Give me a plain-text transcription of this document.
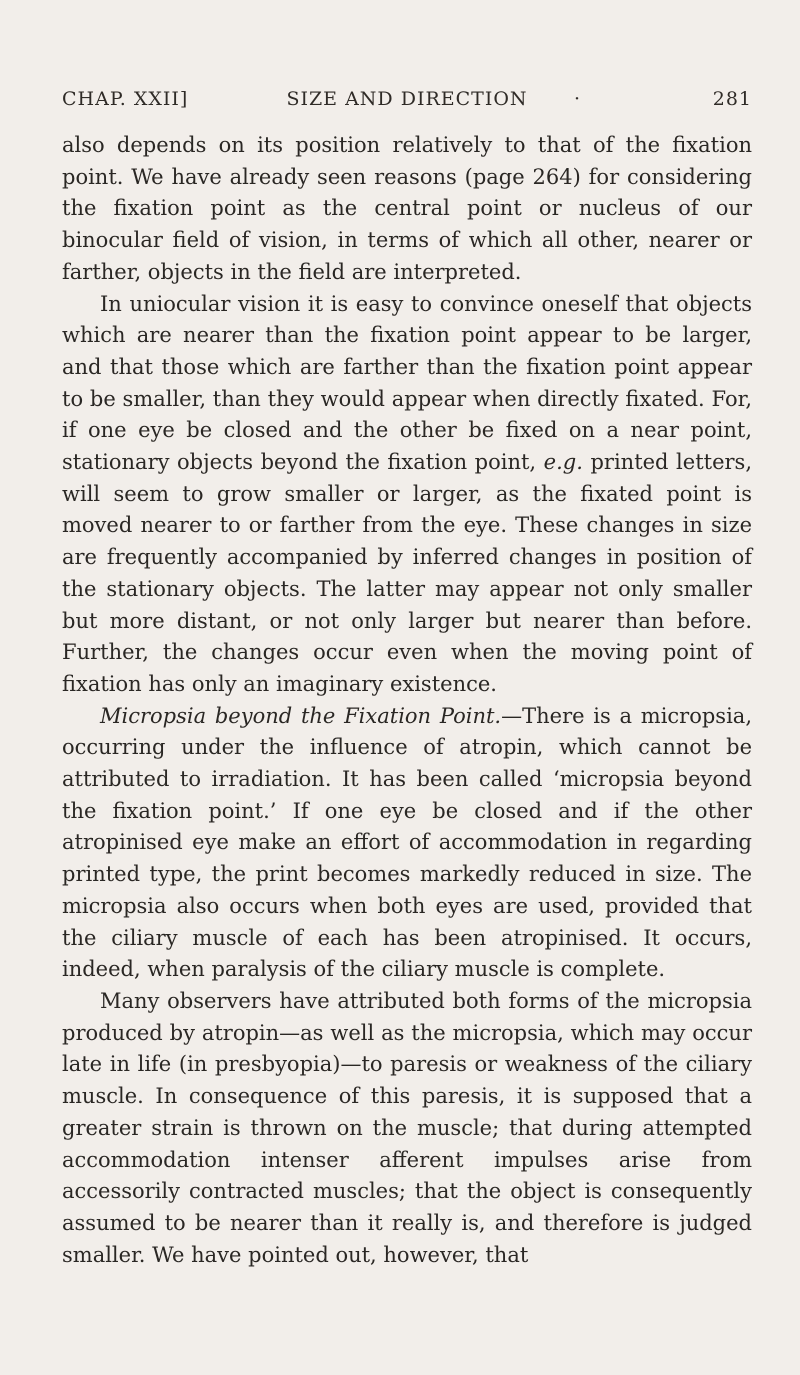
CHAP. XXII]	SIZE AND DIRECTION	·	281

also depends on its position relatively to that of the fixation point. We have already seen reasons (page 264) for considering the fixation point as the central point or nucleus of our binocular field of vision, in terms of which all other, nearer or farther, objects in the field are interpreted.

In uniocular vision it is easy to convince oneself that objects which are nearer than the fixation point appear to be larger, and that those which are farther than the fixation point appear to be smaller, than they would appear when directly fixated. For, if one eye be closed and the other be fixed on a near point, stationary objects beyond the fixation point, e.g. printed letters, will seem to grow smaller or larger, as the fixated point is moved nearer to or farther from the eye. These changes in size are frequently accompanied by inferred changes in position of the stationary objects. The latter may appear not only smaller but more distant, or not only larger but nearer than before. Further, the changes occur even when the moving point of fixation has only an imaginary existence.

Micropsia beyond the Fixation Point.—There is a micropsia, occurring under the influence of atropin, which cannot be attributed to irradiation. It has been called ‘micropsia beyond the fixation point.’ If one eye be closed and if the other atropinised eye make an effort of accommodation in regarding printed type, the print becomes markedly reduced in size. The micropsia also occurs when both eyes are used, provided that the ciliary muscle of each has been atropinised. It occurs, indeed, when paralysis of the ciliary muscle is complete.

Many observers have attributed both forms of the micropsia produced by atropin—as well as the micropsia, which may occur late in life (in presbyopia)—to paresis or weakness of the ciliary muscle. In consequence of this paresis, it is supposed that a greater strain is thrown on the muscle; that during attempted accommodation intenser afferent impulses arise from accessorily contracted muscles; that the object is consequently assumed to be nearer than it really is, and therefore is judged smaller. We have pointed out, however, that
